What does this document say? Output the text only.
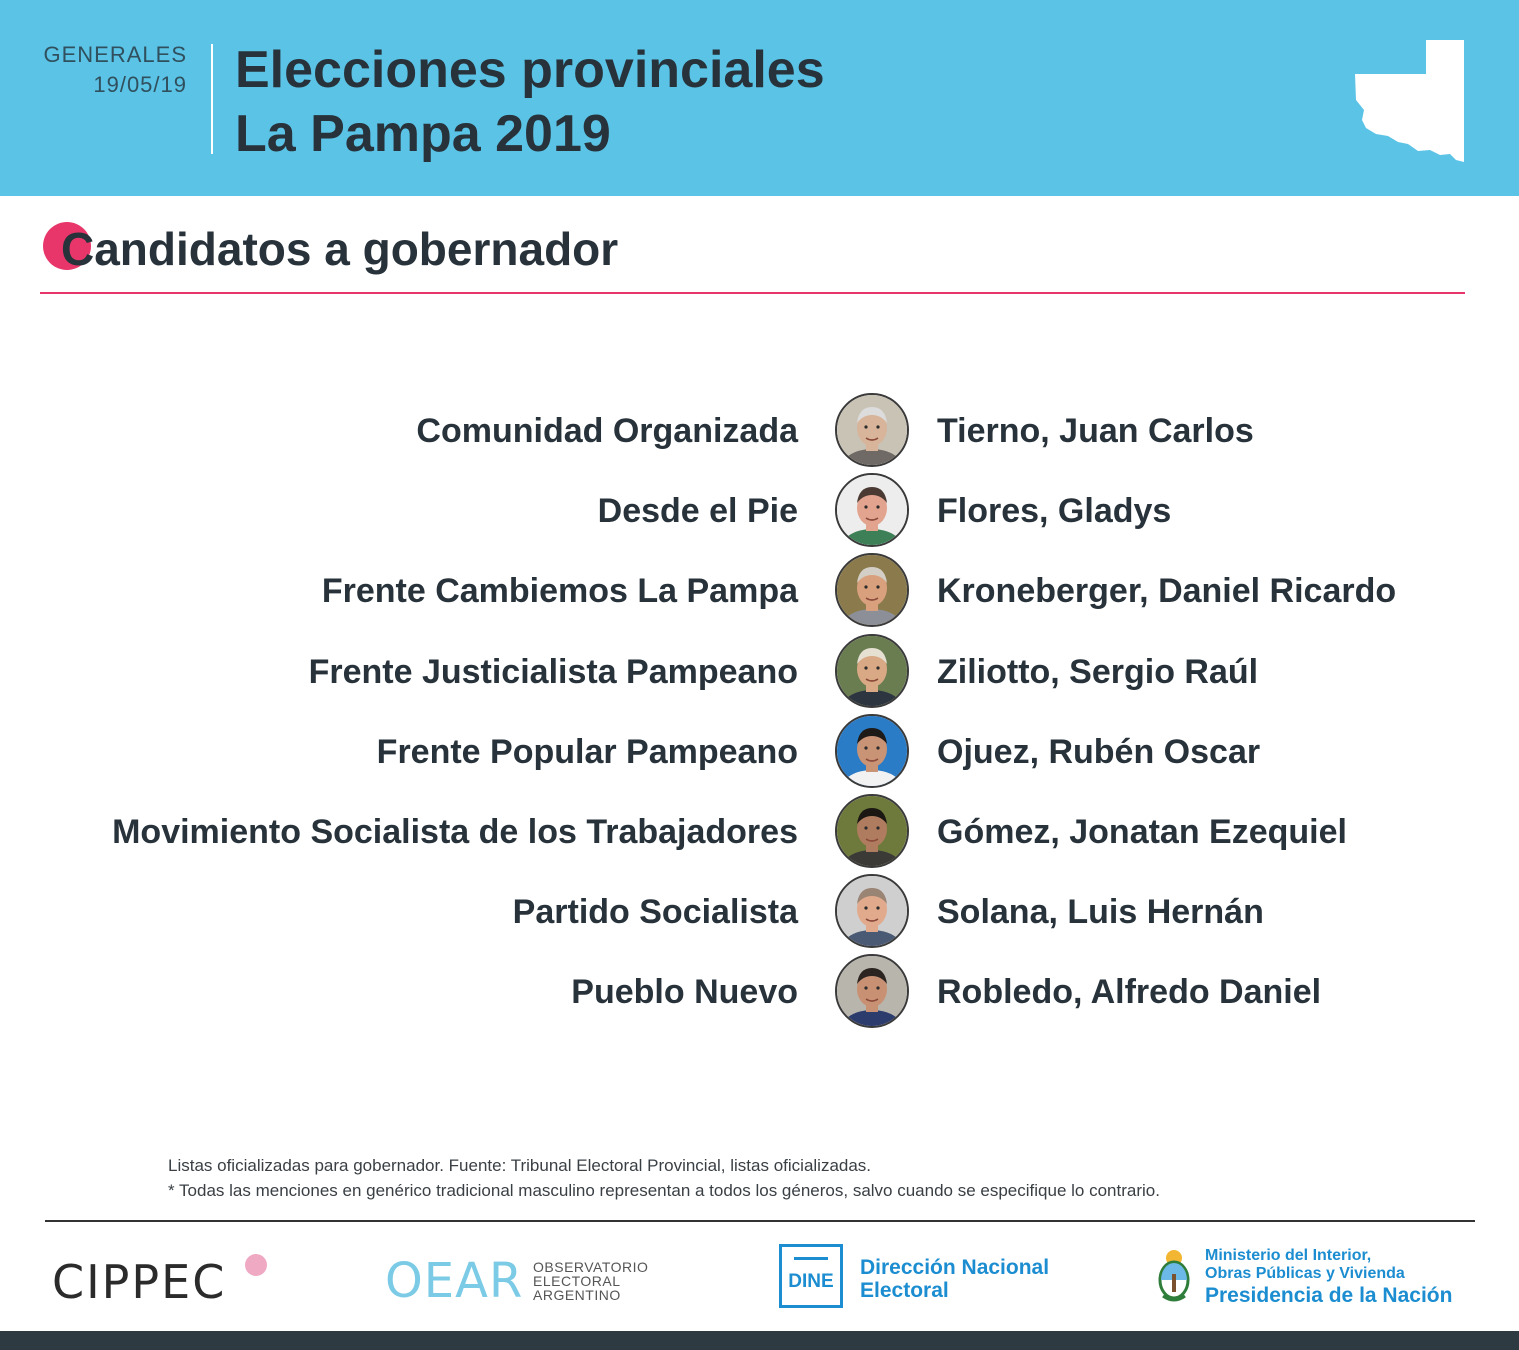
GENERALES
19/05/19 Elecciones provinciales
La Pampa 2019
Candidatos a gobernador
Comunidad Organizada	Tierno, Juan Carlos
Desde el Pie	Flores, Gladys
Frente Cambiemos La Pampa	Kroneberger, Daniel Ricardo
Frente Justicialista Pampeano	Ziliotto, Sergio Raúl
Frente Popular Pampeano	Ojuez, Rubén Oscar
Movimiento Socialista de los Trabajadores	Gómez, Jonatan Ezequiel
Partido Socialista	Solana, Luis Hernán
Pueblo Nuevo	Robledo, Alfredo Daniel
Listas oficializadas para gobernador. Fuente: Tribunal Electoral Provincial, listas oficializadas.
* Todas las menciones en genérico tradicional masculino representan a todos los géneros, salvo cuando se especifique lo contrario.
CIPPEC	OEAR OBSERVATORIO
ELECTORAL
ARGENTINO
DINE
Dirección Nacional
Electoral
Ministerio del Interior,
Obras Públicas y Vivienda
Presidencia de la Nación
